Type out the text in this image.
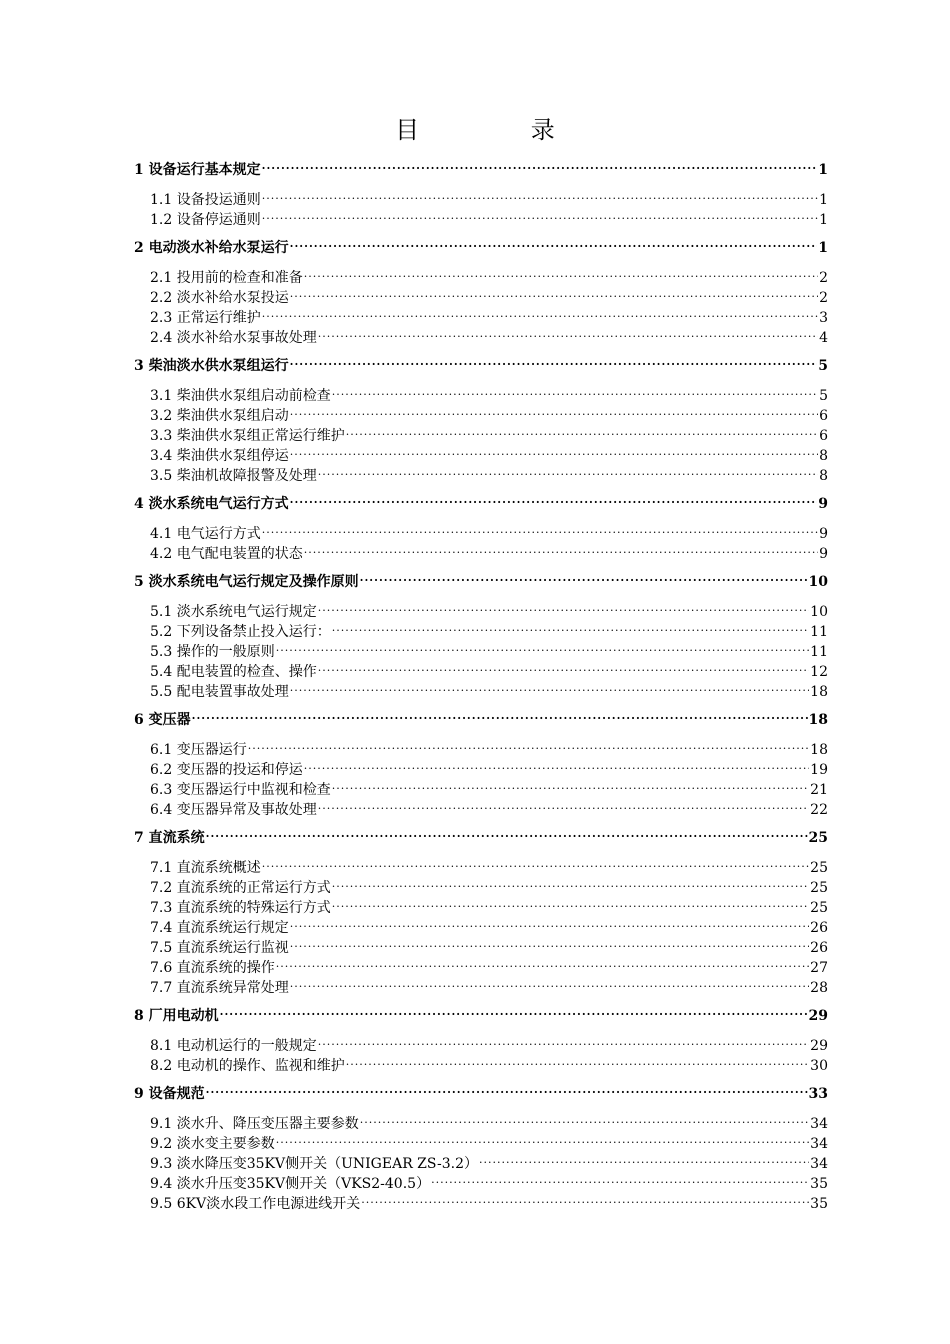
目 录
1 设备运行基本规定 .....	1
1.1 设备投运通则 .....	1
1.2 设备停运通则 .....	1
2 电动淡水补给水泵运行 .....	1
2.1 投用前的检查和准备 .....	2
2.2 淡水补给水泵投运 .....	2
2.3 正常运行维护 .....	3
2.4 淡水补给水泵事故处理 .....	4
3 柴油淡水供水泵组运行 .....	5
3.1 柴油供水泵组启动前检查 .....	5
3.2 柴油供水泵组启动 .....	6
3.3 柴油供水泵组正常运行维护 .....	6
3.4 柴油供水泵组停运 .....	8
3.5 柴油机故障报警及处理 .....	8
4 淡水系统电气运行方式 .....	9
4.1 电气运行方式 .....	9
4.2 电气配电装置的状态 .....	9
5 淡水系统电气运行规定及操作原则 .....	10
5.1 淡水系统电气运行规定 .....	10
5.2 下列设备禁止投入运行： .....	11
5.3 操作的一般原则 .....	11
5.4 配电装置的检查、操作 .....	12
5.5 配电装置事故处理 .....	18
6 变压器 .....	18
6.1 变压器运行 .....	18
6.2 变压器的投运和停运 .....	19
6.3 变压器运行中监视和检查 .....	21
6.4 变压器异常及事故处理 .....	22
7 直流系统 .....	25
7.1 直流系统概述 .....	25
7.2 直流系统的正常运行方式 .....	25
7.3 直流系统的特殊运行方式 .....	25
7.4 直流系统运行规定 .....	26
7.5 直流系统运行监视 .....	26
7.6 直流系统的操作 .....	27
7.7 直流系统异常处理 .....	28
8 厂用电动机 .....	29
8.1 电动机运行的一般规定 .....	29
8.2 电动机的操作、监视和维护 .....	30
9 设备规范 .....	33
9.1 淡水升、降压变压器主要参数 .....	34
9.2 淡水变主要参数 .....	34
9.3 淡水降压变35KV侧开关（UNIGEAR ZS-3.2） .....	34
9.4 淡水升压变35KV侧开关（VKS2-40.5） .....	35
9.5 6KV淡水段工作电源进线开关 .....	35
